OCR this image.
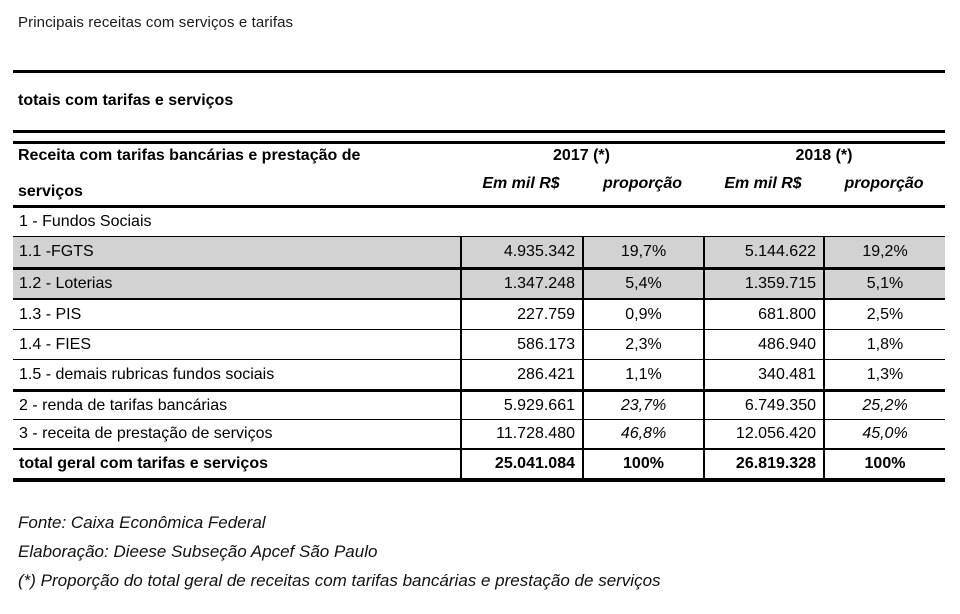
Principais receitas com serviços e tarifas
totais com tarifas e serviços
Receita com tarifas bancárias e prestação de
serviços
2017 (*)
Em mil R$	proporção
2018 (*)
Em mil R$	proporção
1 - Fundos Sociais
1.1 -FGTS	4.935.342	19,7%	5.144.622	19,2%
1.2 - Loterias	1.347.248	5,4%	1.359.715	5,1%
1.3 - PIS	227.759	0,9%	681.800	2,5%
1.4 - FIES	586.173	2,3%	486.940	1,8%
1.5 - demais rubricas fundos sociais	286.421	1,1%	340.481	1,3%
2 - renda de tarifas bancárias	5.929.661	23,7%	6.749.350	25,2%
3 - receita de prestação de serviços	11.728.480	46,8%	12.056.420	45,0%
total geral com tarifas e serviços	25.041.084	100%	26.819.328	100%
Fonte: Caixa Econômica Federal
Elaboração: Dieese Subseção Apcef São Paulo
(*) Proporção do total geral de receitas com tarifas bancárias e prestação de serviços
